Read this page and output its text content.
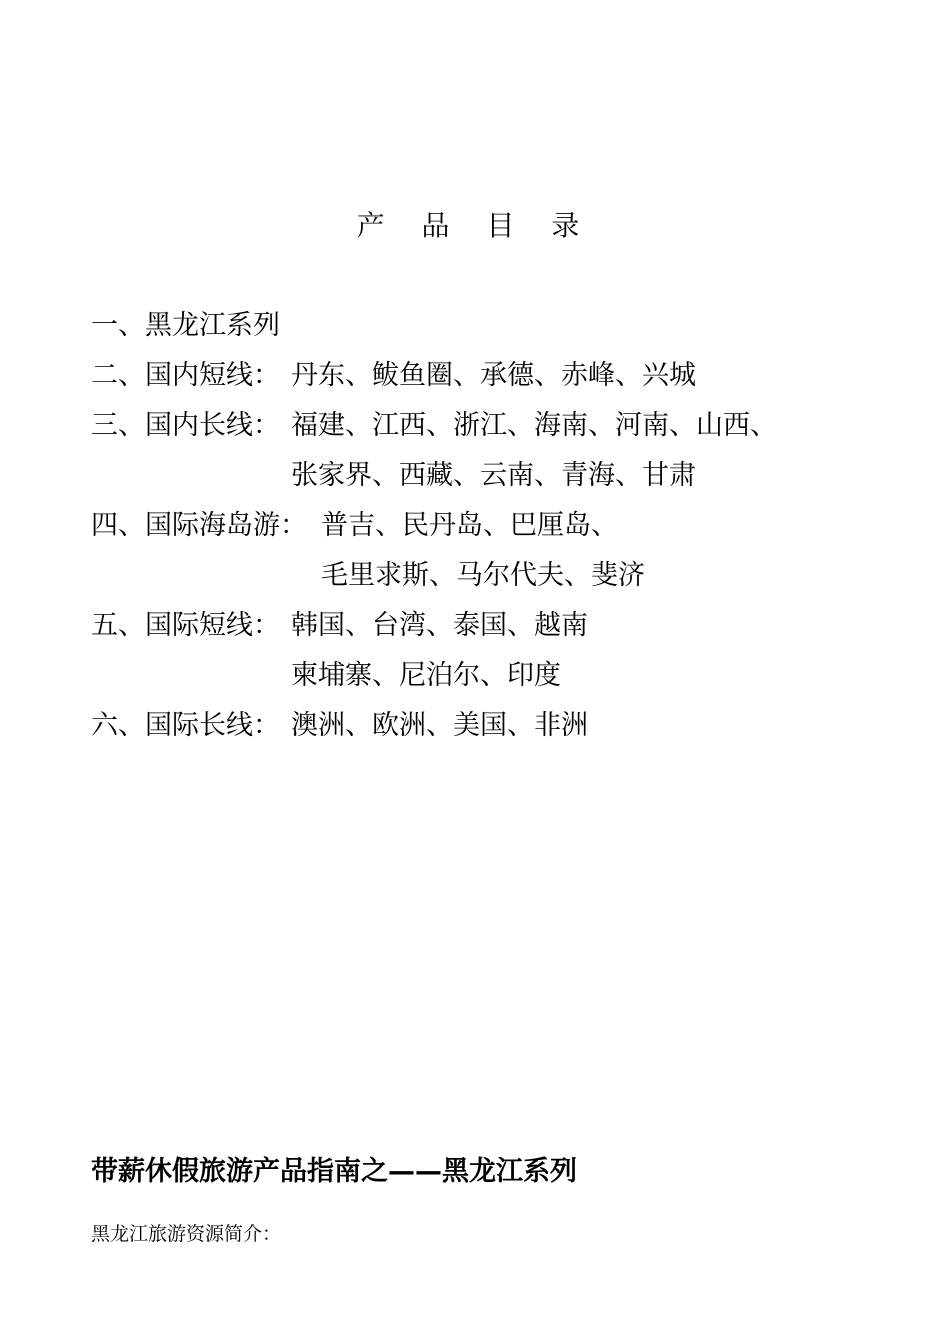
产 品 目 录
一、黑龙江系列
二、国内短线： 丹东、鲅鱼圈、承德、赤峰、兴城
三、国内长线： 福建、江西、浙江、海南、河南、山西、
张家界、西藏、云南、青海、甘肃
四、国际海岛游： 普吉、民丹岛、巴厘岛、
毛里求斯、马尔代夫、斐济
五、国际短线： 韩国、台湾、泰国、越南
柬埔寨、尼泊尔、印度
六、国际长线： 澳洲、欧洲、美国、非洲
带薪休假旅游产品指南之——黑龙江系列
黑龙江旅游资源简介：
